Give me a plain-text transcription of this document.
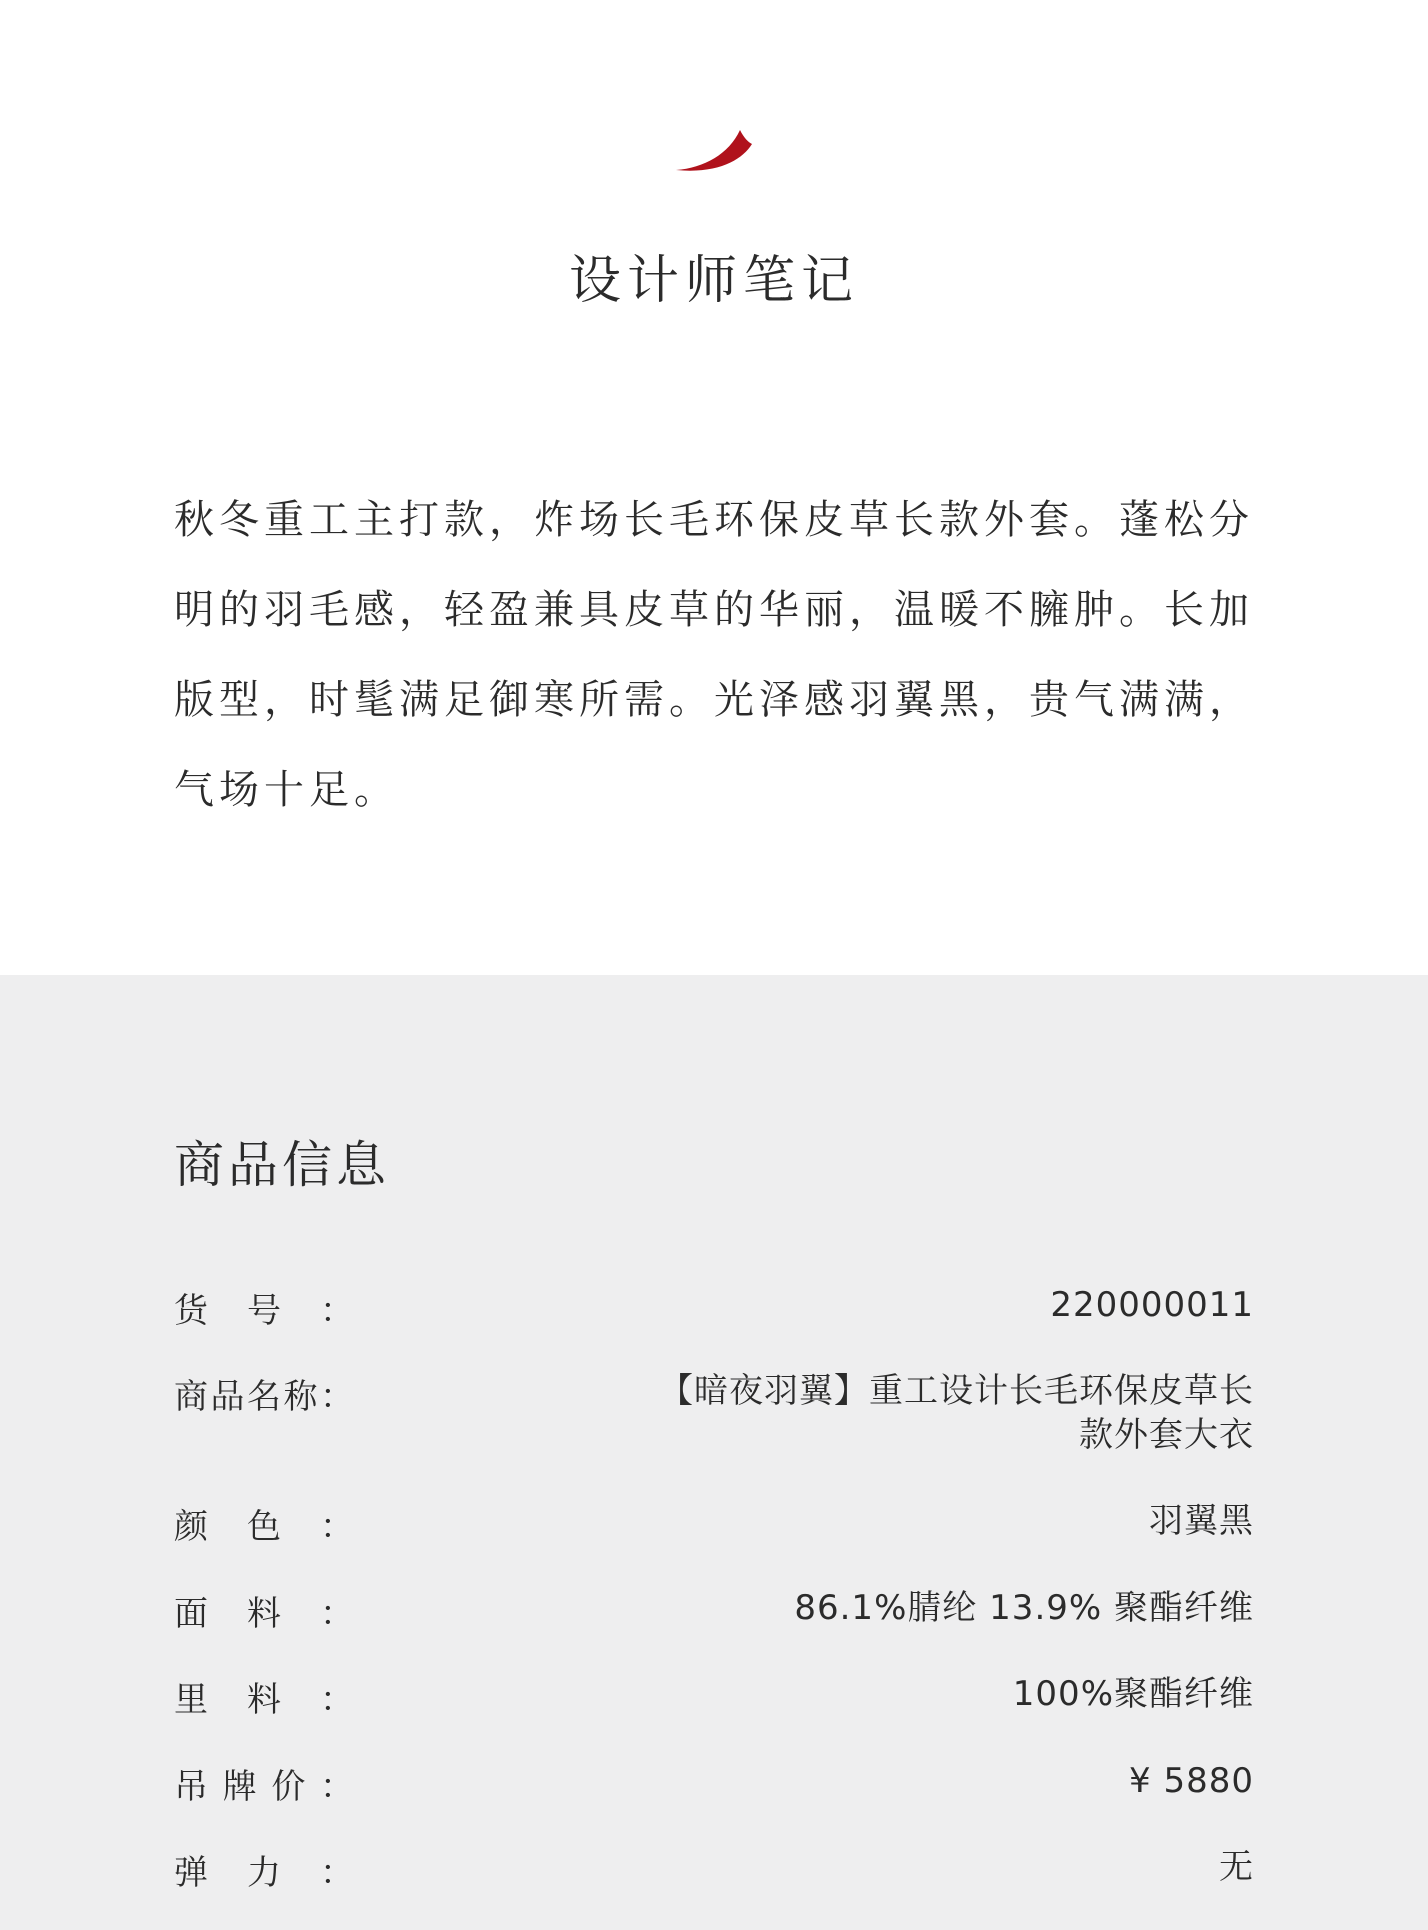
设计师笔记
秋冬重工主打款，炸场长毛环保皮草长款外套。蓬松分明的羽毛感，轻盈兼具皮草的华丽，温暖不臃肿。长加版型，时髦满足御寒所需。光泽感羽翼黑，贵气满满，气场十足。
商品信息
货 号 ：	220000011
商 品 名 称 ：	【暗夜羽翼】重工设计长毛环保皮草长款外套大衣
颜 色 ：	羽翼黑
面 料 ：	86.1%腈纶 13.9% 聚酯纤维
里 料 ：	100%聚酯纤维
吊 牌 价 ：	¥ 5880
弹 力 ：	无
